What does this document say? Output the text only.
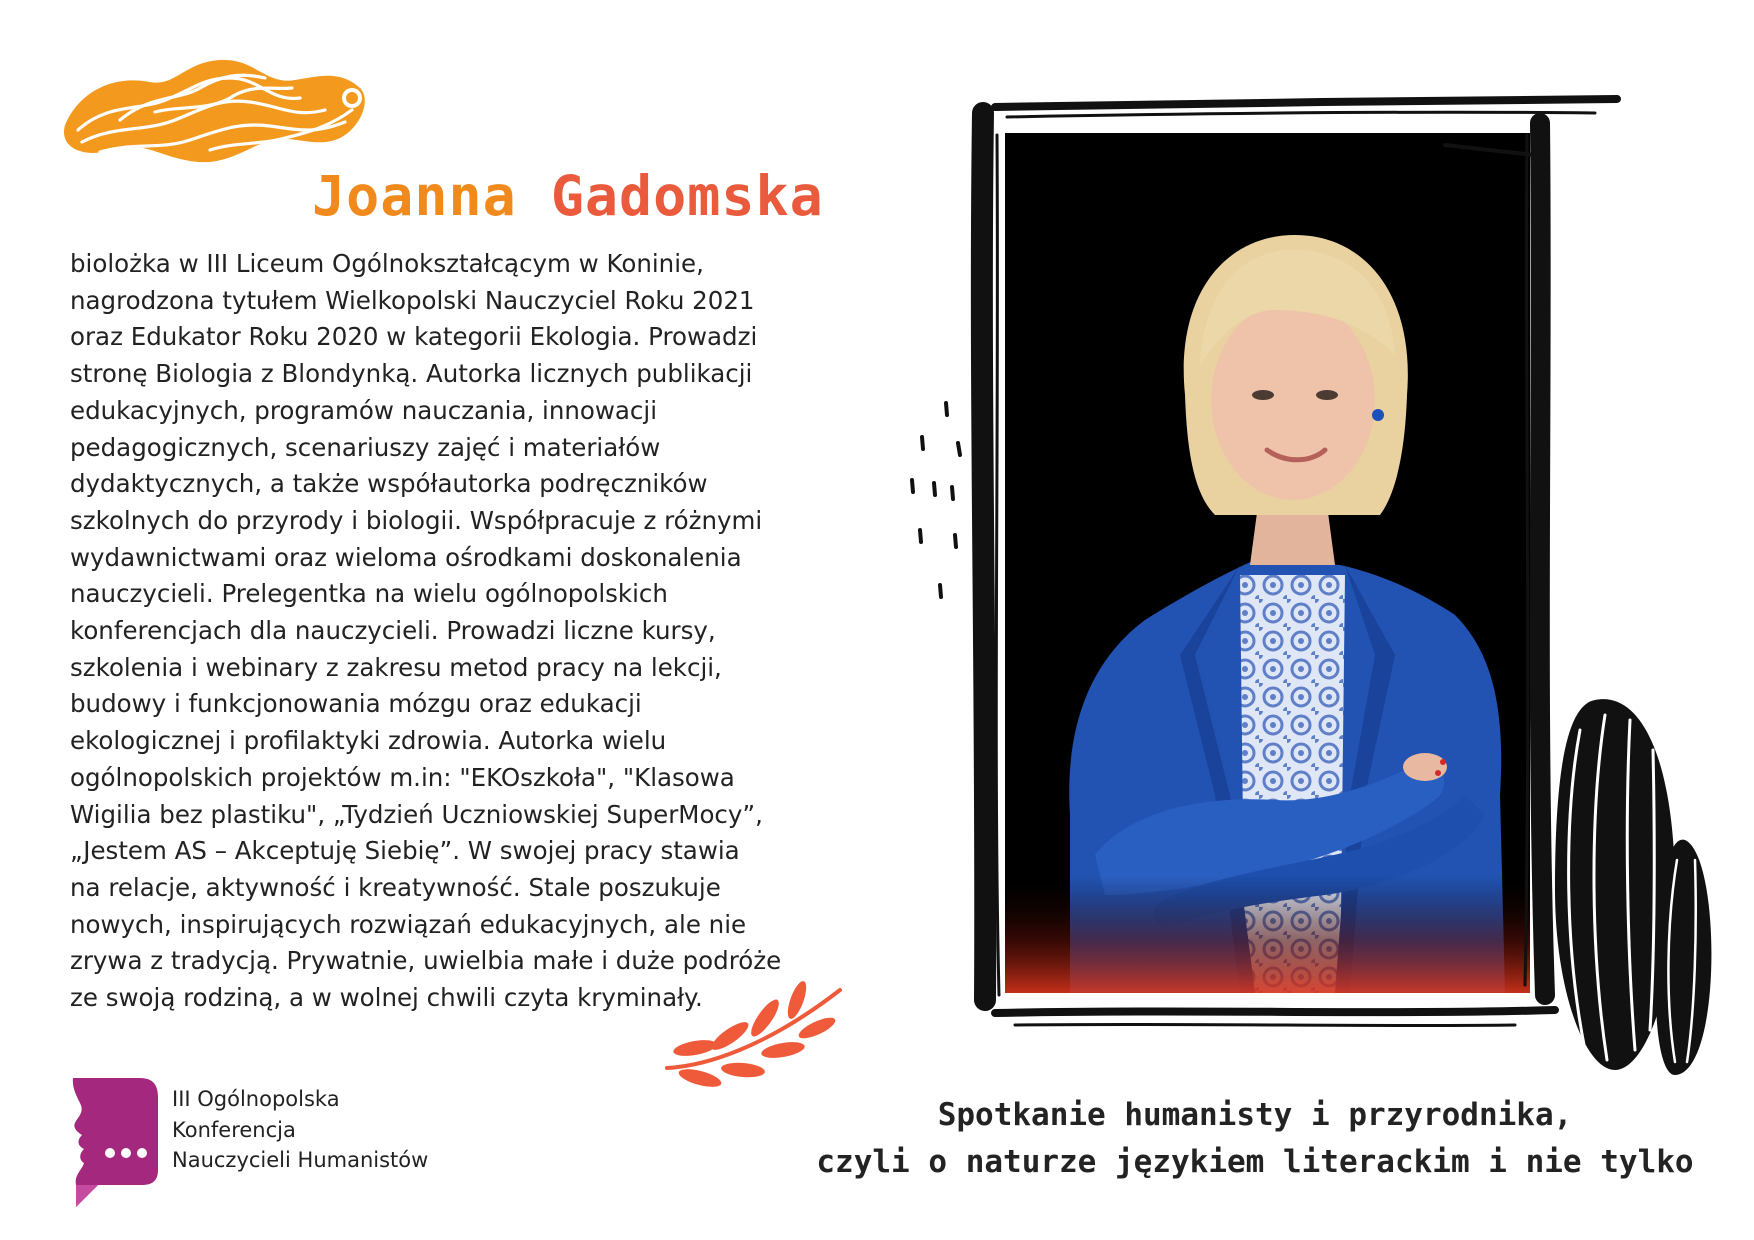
Joanna Gadomska

biolożka w III Liceum Ogólnokształcącym w Koninie,
nagrodzona tytułem Wielkopolski Nauczyciel Roku 2021
oraz Edukator Roku 2020 w kategorii Ekologia. Prowadzi
stronę Biologia z Blondynką. Autorka licznych publikacji
edukacyjnych, programów nauczania, innowacji
pedagogicznych, scenariuszy zajęć i materiałów
dydaktycznych, a także współautorka podręczników
szkolnych do przyrody i biologii. Współpracuje z różnymi
wydawnictwami oraz wieloma ośrodkami doskonalenia
nauczycieli. Prelegentka na wielu ogólnopolskich
konferencjach dla nauczycieli. Prowadzi liczne kursy,
szkolenia i webinary z zakresu metod pracy na lekcji,
budowy i funkcjonowania mózgu oraz edukacji
ekologicznej i profilaktyki zdrowia. Autorka wielu
ogólnopolskich projektów m.in: "EKOszkoła", "Klasowa
Wigilia bez plastiku", „Tydzień Uczniowskiej SuperMocy”,
„Jestem AS – Akceptuję Siebię”. W swojej pracy stawia
na relacje, aktywność i kreatywność. Stale poszukuje
nowych, inspirujących rozwiązań edukacyjnych, ale nie
zrywa z tradycją. Prywatnie, uwielbia małe i duże podróże
ze swoją rodziną, a w wolnej chwili czyta kryminały.

III Ogólnopolska
Konferencja
Nauczycieli Humanistów

Spotkanie humanisty i przyrodnika,
czyli o naturze językiem literackim i nie tylko
